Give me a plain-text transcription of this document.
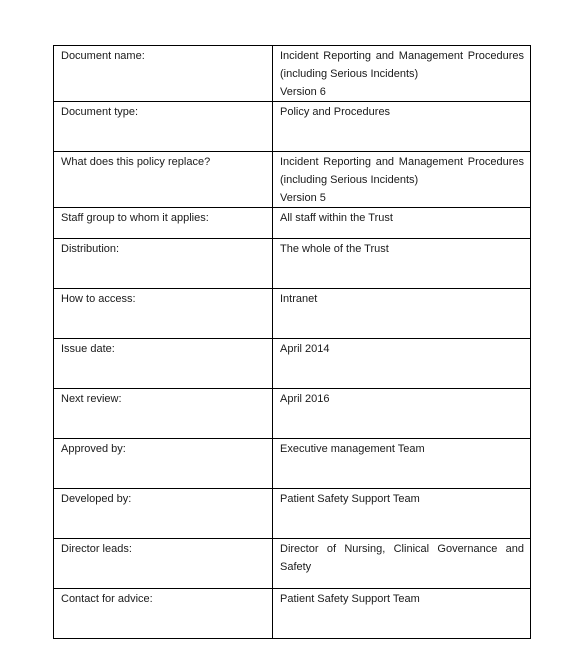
Document name:	Incident Reporting and Management Procedures (including Serious Incidents)
Version 6

Document type:	Policy and Procedures

What does this policy replace?	Incident Reporting and Management Procedures (including Serious Incidents)
Version 5

Staff group to whom it applies:	All staff within the Trust

Distribution:	The whole of the Trust

How to access:	Intranet

Issue date:	April 2014

Next review:	April 2016

Approved by:	Executive management Team

Developed by:	Patient Safety Support Team

Director leads:	Director of Nursing, Clinical Governance and Safety

Contact for advice:	Patient Safety Support Team
